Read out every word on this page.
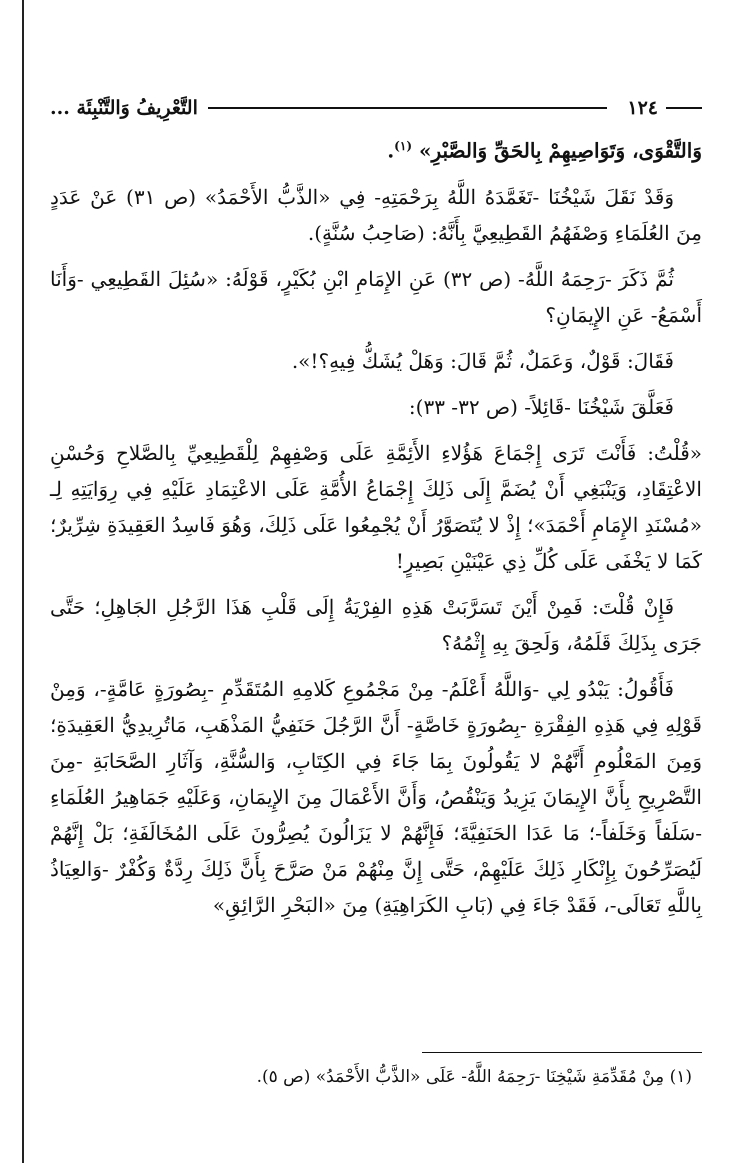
١٢٤
التَّعْرِيفُ وَالتَّنْبِئَة ...

وَالتَّقْوَى، وَتَوَاصِيهِمْ بِالحَقِّ وَالصَّبْرِ» $^{(١)}$.

وَقَدْ نَقَلَ شَيْخُنَا -تَغَمَّدَهُ اللَّهُ بِرَحْمَتِهِ- فِي «الذَّبُّ الأَحْمَدُ» (ص ٣١) عَنْ عَدَدٍ مِنَ العُلَمَاءِ وَصْفَهُمُ القَطِيعِيَّ بِأَنَّهُ: (صَاحِبُ سُنَّةٍ).

ثُمَّ ذَكَرَ -رَحِمَهُ اللَّهُ- (ص ٣٢) عَنِ الإِمَامِ ابْنِ بُكَيْرٍ، قَوْلَهُ: «سُئِلَ القَطِيعِي -وَأَنَا أَسْمَعُ- عَنِ الإِيمَانِ؟

فَقَالَ: قَوْلٌ، وَعَمَلٌ، ثُمَّ قَالَ: وَهَلْ يُشَكُّ فِيهِ؟!».

فَعَلَّقَ شَيْخُنَا -قَائِلاً- (ص ٣٢- ٣٣):

«قُلْتُ: فَأَنْتَ تَرَى إِجْمَاعَ هَؤُلاءِ الأَئِمَّةِ عَلَى وَصْفِهِمْ لِلْقَطِيعِيِّ بِالصَّلاحِ وَحُسْنِ الاعْتِقَادِ، وَيَنْبَغِي أَنْ يُضَمَّ إِلَى ذَلِكَ إِجْمَاعُ الأُمَّةِ عَلَى الاعْتِمَادِ عَلَيْهِ فِي رِوَايَتِهِ لِـ «مُسْنَدِ الإِمَامِ أَحْمَدَ»؛ إِذْ لا يُتَصَوَّرُ أَنْ يُجْمِعُوا عَلَى ذَلِكَ، وَهُوَ فَاسِدُ العَقِيدَةِ شِرِّيرٌ؛ كَمَا لا يَخْفَى عَلَى كُلِّ ذِي عَيْنَيْنِ بَصِيرٍ!

فَإِنْ قُلْتَ: فَمِنْ أَيْنَ تَسَرَّبَتْ هَذِهِ الفِرْيَةُ إِلَى قَلْبِ هَذَا الرَّجُلِ الجَاهِلِ؛ حَتَّى جَرَى بِذَلِكَ قَلَمُهُ، وَلَحِقَ بِهِ إِثْمُهُ؟

فَأَقُولُ: يَبْدُو لِي -وَاللَّهُ أَعْلَمُ- مِنْ مَجْمُوعِ كَلامِهِ المُتَقَدِّمِ -بِصُورَةٍ عَامَّةٍ-، وَمِنْ قَوْلِهِ فِي هَذِهِ الفِقْرَةِ -بِصُورَةٍ خَاصَّةٍ- أَنَّ الرَّجُلَ حَنَفِيُّ المَذْهَبِ، مَاتُرِيدِيُّ العَقِيدَةِ؛ وَمِنَ المَعْلُومِ أَنَّهُمْ لا يَقُولُونَ بِمَا جَاءَ فِي الكِتَابِ، وَالسُّنَّةِ، وَآثَارِ الصَّحَابَةِ -مِنَ التَّصْرِيحِ بِأَنَّ الإِيمَانَ يَزِيدُ وَيَنْقُصُ، وَأَنَّ الأَعْمَالَ مِنَ الإِيمَانِ، وَعَلَيْهِ جَمَاهِيرُ العُلَمَاءِ -سَلَفاً وَخَلَفاً-؛ مَا عَدَا الحَنَفِيَّةَ؛ فَإِنَّهُمْ لا يَزَالُونَ يُصِرُّونَ عَلَى المُخَالَفَةِ؛ بَلْ إِنَّهُمْ لَيُصَرِّحُونَ بِإِنْكَارِ ذَلِكَ عَلَيْهِمْ، حَتَّى إِنَّ مِنْهُمْ مَنْ صَرَّحَ بِأَنَّ ذَلِكَ رِدَّةٌ وَكُفْرٌ -وَالعِيَاذُ بِاللَّهِ تَعَالَى-، فَقَدْ جَاءَ فِي (بَابِ الكَرَاهِيَةِ) مِنَ «البَحْرِ الرَّائِقِ»

(١) مِنْ مُقَدِّمَةِ شَيْخِنَا -رَحِمَهُ اللَّهُ- عَلَى «الذَّبُّ الأَحْمَدُ» (ص ٥).
